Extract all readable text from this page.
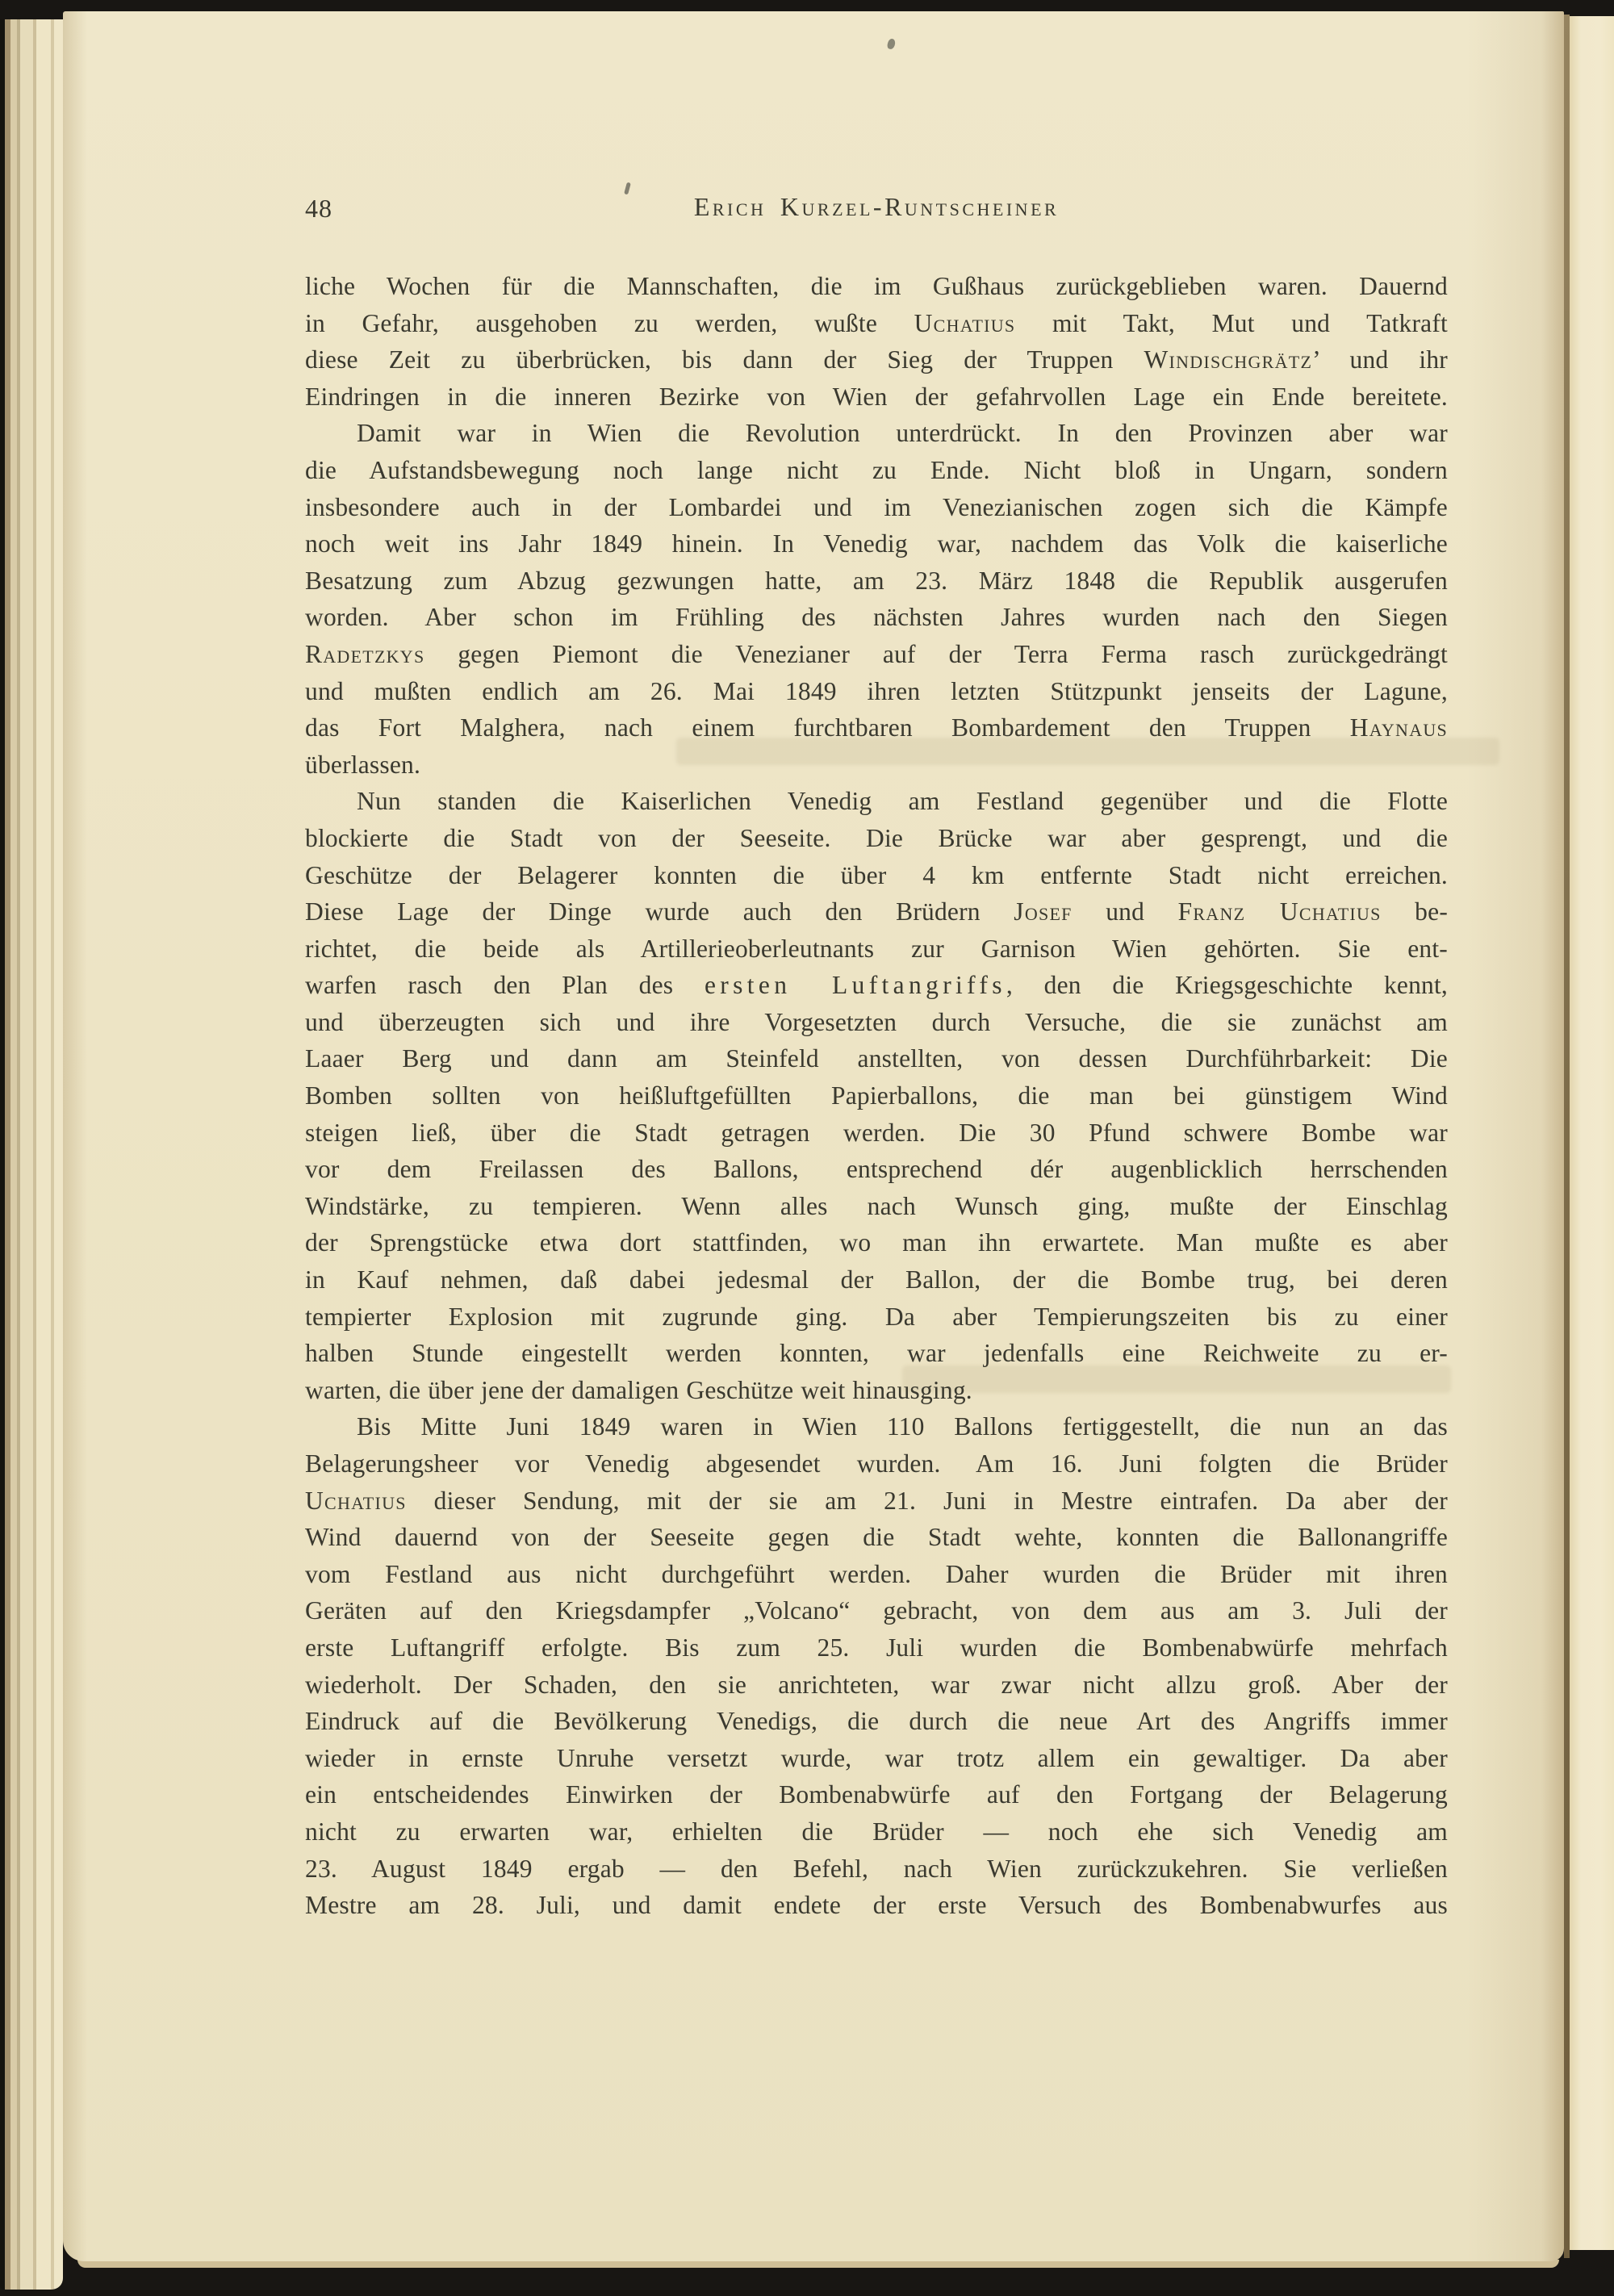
48	Erich Kurzel-Runtscheiner
liche Wochen für die Mannschaften, die im Gußhaus zurückgeblieben waren. Dauernd
in Gefahr, ausgehoben zu werden, wußte Uchatius mit Takt, Mut und Tatkraft
diese Zeit zu überbrücken, bis dann der Sieg der Truppen Windischgrätz’ und ihr
Eindringen in die inneren Bezirke von Wien der gefahrvollen Lage ein Ende bereitete.
Damit war in Wien die Revolution unterdrückt. In den Provinzen aber war
die Aufstandsbewegung noch lange nicht zu Ende. Nicht bloß in Ungarn, sondern
insbesondere auch in der Lombardei und im Venezianischen zogen sich die Kämpfe
noch weit ins Jahr 1849 hinein. In Venedig war, nachdem das Volk die kaiserliche
Besatzung zum Abzug gezwungen hatte, am 23. März 1848 die Republik ausgerufen
worden. Aber schon im Frühling des nächsten Jahres wurden nach den Siegen
Radetzkys gegen Piemont die Venezianer auf der Terra Ferma rasch zurückgedrängt
und mußten endlich am 26. Mai 1849 ihren letzten Stützpunkt jenseits der Lagune,
das Fort Malghera, nach einem furchtbaren Bombardement den Truppen Haynaus
überlassen.
Nun standen die Kaiserlichen Venedig am Festland gegenüber und die Flotte
blockierte die Stadt von der Seeseite. Die Brücke war aber gesprengt, und die
Geschütze der Belagerer konnten die über 4 km entfernte Stadt nicht erreichen.
Diese Lage der Dinge wurde auch den Brüdern Josef und Franz Uchatius be-
richtet, die beide als Artillerieoberleutnants zur Garnison Wien gehörten. Sie ent-
warfen rasch den Plan des ersten Luftangriffs, den die Kriegsgeschichte kennt,
und überzeugten sich und ihre Vorgesetzten durch Versuche, die sie zunächst am
Laaer Berg und dann am Steinfeld anstellten, von dessen Durchführbarkeit: Die
Bomben sollten von heißluftgefüllten Papierballons, die man bei günstigem Wind
steigen ließ, über die Stadt getragen werden. Die 30 Pfund schwere Bombe war
vor dem Freilassen des Ballons, entsprechend dér augenblicklich herrschenden
Windstärke, zu tempieren. Wenn alles nach Wunsch ging, mußte der Einschlag
der Sprengstücke etwa dort stattfinden, wo man ihn erwartete. Man mußte es aber
in Kauf nehmen, daß dabei jedesmal der Ballon, der die Bombe trug, bei deren
tempierter Explosion mit zugrunde ging. Da aber Tempierungszeiten bis zu einer
halben Stunde eingestellt werden konnten, war jedenfalls eine Reichweite zu er-
warten, die über jene der damaligen Geschütze weit hinausging.
Bis Mitte Juni 1849 waren in Wien 110 Ballons fertiggestellt, die nun an das
Belagerungsheer vor Venedig abgesendet wurden. Am 16. Juni folgten die Brüder
Uchatius dieser Sendung, mit der sie am 21. Juni in Mestre eintrafen. Da aber der
Wind dauernd von der Seeseite gegen die Stadt wehte, konnten die Ballonangriffe
vom Festland aus nicht durchgeführt werden. Daher wurden die Brüder mit ihren
Geräten auf den Kriegsdampfer „Volcano“ gebracht, von dem aus am 3. Juli der
erste Luftangriff erfolgte. Bis zum 25. Juli wurden die Bombenabwürfe mehrfach
wiederholt. Der Schaden, den sie anrichteten, war zwar nicht allzu groß. Aber der
Eindruck auf die Bevölkerung Venedigs, die durch die neue Art des Angriffs immer
wieder in ernste Unruhe versetzt wurde, war trotz allem ein gewaltiger. Da aber
ein entscheidendes Einwirken der Bombenabwürfe auf den Fortgang der Belagerung
nicht zu erwarten war, erhielten die Brüder — noch ehe sich Venedig am
23. August 1849 ergab — den Befehl, nach Wien zurückzukehren. Sie verließen
Mestre am 28. Juli, und damit endete der erste Versuch des Bombenabwurfes aus
